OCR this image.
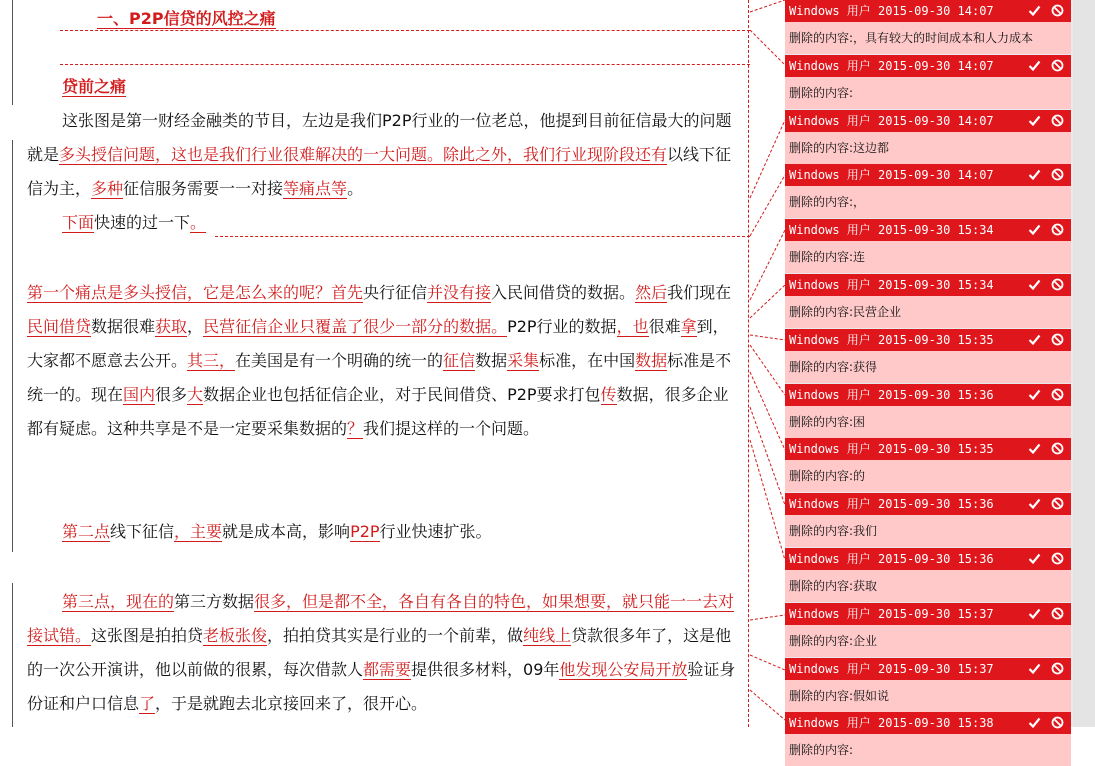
一、P2P信贷的风控之痛
贷前之痛
这张图是第一财经金融类的节目，左边是我们P2P行业的一位老总，他提到目前征信最大的问题就是多头授信问题，这也是我们行业很难解决的一大问题。除此之外，我们行业现阶段还有以线下征信为主，多种征信服务需要一一对接等痛点等。
下面快速的过一下。
第一个痛点是多头授信，它是怎么来的呢？首先央行征信并没有接入民间借贷的数据。然后我们现在民间借贷数据很难获取，民营征信企业只覆盖了很少一部分的数据。P2P行业的数据，也很难拿到，大家都不愿意去公开。其三，在美国是有一个明确的统一的征信数据采集标准，在中国数据标准是不统一的。现在国内很多大数据企业也包括征信企业，对于民间借贷、P2P要求打包传数据，很多企业都有疑虑。这种共享是不是一定要采集数据的？我们提这样的一个问题。
第二点线下征信，主要就是成本高，影响P2P行业快速扩张。
第三点，现在的第三方数据很多，但是都不全，各自有各自的特色，如果想要，就只能一一去对接试错。这张图是拍拍贷老板张俊，拍拍贷其实是行业的一个前辈，做纯线上贷款很多年了，这是他的一次公开演讲，他以前做的很累，每次借款人都需要提供很多材料，09年他发现公安局开放验证身份证和户口信息了，于是就跑去北京接回来了，很开心。
Windows 用户 2015-09-30 14:07
删除的内容:，具有较大的时间成本和人力成本
Windows 用户 2015-09-30 14:07
删除的内容:
Windows 用户 2015-09-30 14:07
删除的内容:这边都
Windows 用户 2015-09-30 14:07
删除的内容:，
Windows 用户 2015-09-30 15:34
删除的内容:连
Windows 用户 2015-09-30 15:34
删除的内容:民营企业
Windows 用户 2015-09-30 15:35
删除的内容:获得
Windows 用户 2015-09-30 15:36
删除的内容:困
Windows 用户 2015-09-30 15:35
删除的内容:的
Windows 用户 2015-09-30 15:36
删除的内容:我们
Windows 用户 2015-09-30 15:36
删除的内容:获取
Windows 用户 2015-09-30 15:37
删除的内容:企业
Windows 用户 2015-09-30 15:37
删除的内容:假如说
Windows 用户 2015-09-30 15:38
删除的内容:
